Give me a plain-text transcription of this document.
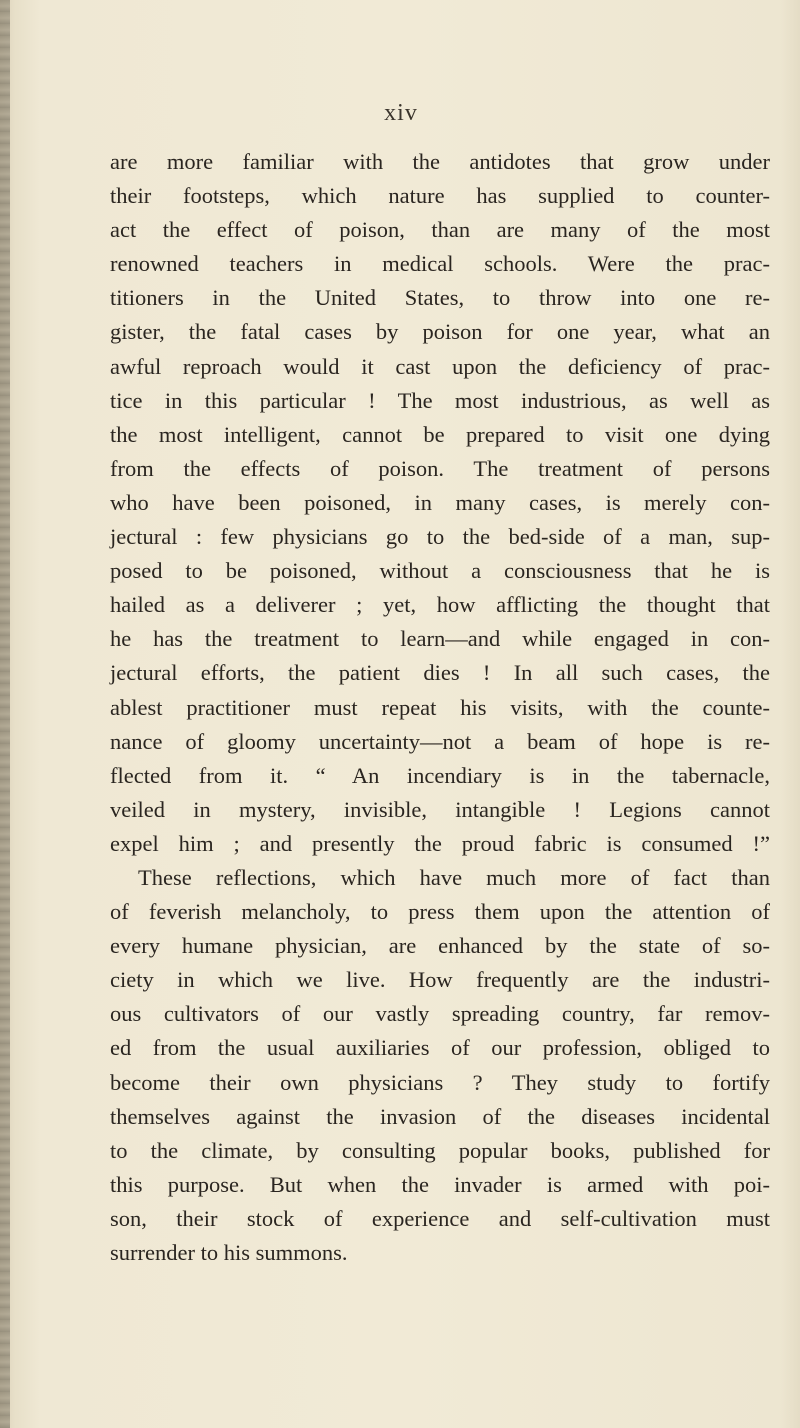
xiv
are more familiar with the antidotes that grow under
their footsteps, which nature has supplied to counter-
act the effect of poison, than are many of the most
renowned teachers in medical schools. Were the prac-
titioners in the United States, to throw into one re-
gister, the fatal cases by poison for one year, what an
awful reproach would it cast upon the deficiency of prac-
tice in this particular ! The most industrious, as well as
the most intelligent, cannot be prepared to visit one dying
from the effects of poison. The treatment of persons
who have been poisoned, in many cases, is merely con-
jectural : few physicians go to the bed-side of a man, sup-
posed to be poisoned, without a consciousness that he is
hailed as a deliverer ; yet, how afflicting the thought that
he has the treatment to learn—and while engaged in con-
jectural efforts, the patient dies ! In all such cases, the
ablest practitioner must repeat his visits, with the counte-
nance of gloomy uncertainty—not a beam of hope is re-
flected from it. “ An incendiary is in the tabernacle,
veiled in mystery, invisible, intangible ! Legions cannot
expel him ; and presently the proud fabric is consumed !”
These reflections, which have much more of fact than
of feverish melancholy, to press them upon the attention of
every humane physician, are enhanced by the state of so-
ciety in which we live. How frequently are the industri-
ous cultivators of our vastly spreading country, far remov-
ed from the usual auxiliaries of our profession, obliged to
become their own physicians ? They study to fortify
themselves against the invasion of the diseases incidental
to the climate, by consulting popular books, published for
this purpose. But when the invader is armed with poi-
son, their stock of experience and self-cultivation must
surrender to his summons.
